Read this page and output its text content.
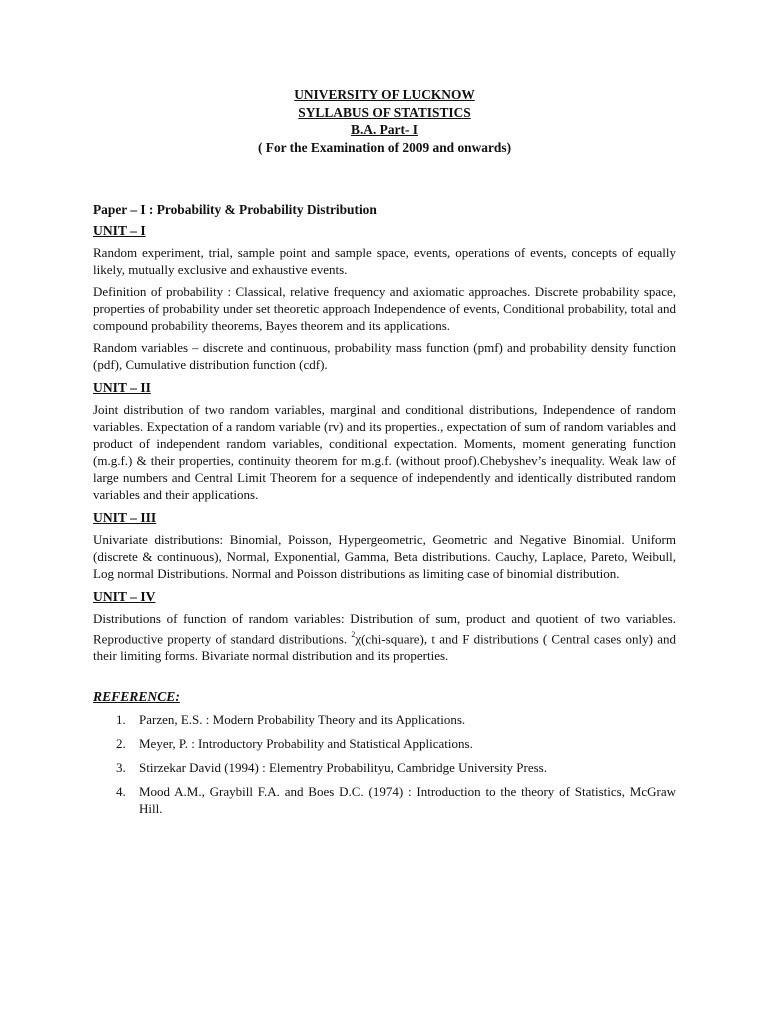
UNIVERSITY OF LUCKNOW
SYLLABUS OF STATISTICS
B.A. Part- I
( For the Examination of 2009 and onwards)
Paper – I : Probability & Probability Distribution
UNIT – I

Random experiment, trial, sample point and sample space, events, operations of events, concepts of equally likely, mutually exclusive and exhaustive events.

Definition of probability : Classical, relative frequency and axiomatic approaches. Discrete probability space, properties of probability under set theoretic approach Independence of events, Conditional probability, total and compound probability theorems, Bayes theorem and its applications.

Random variables – discrete and continuous, probability mass function (pmf) and probability density function (pdf), Cumulative distribution function (cdf).

UNIT – II

Joint distribution of two random variables, marginal and conditional distributions, Independence of random variables. Expectation of a random variable (rv) and its properties., expectation of sum of random variables and product of independent random variables, conditional expectation. Moments, moment generating function (m.g.f.) & their properties, continuity theorem for m.g.f. (without proof).Chebyshev’s inequality. Weak law of large numbers and Central Limit Theorem for a sequence of independently and identically distributed random variables and their applications.

UNIT – III

Univariate distributions: Binomial, Poisson, Hypergeometric, Geometric and Negative Binomial. Uniform (discrete & continuous), Normal, Exponential, Gamma, Beta distributions. Cauchy, Laplace, Pareto, Weibull, Log normal Distributions. Normal and Poisson distributions as limiting case of binomial distribution.

UNIT – IV

Distributions of function of random variables: Distribution of sum, product and quotient of two variables. Reproductive property of standard distributions. $^2$χ(chi-square), t and F distributions ( Central cases only) and their limiting forms. Bivariate normal distribution and its properties.

REFERENCE:
1. Parzen, E.S. : Modern Probability Theory and its Applications.
2. Meyer, P. : Introductory Probability and Statistical Applications.
3. Stirzekar David (1994) : Elementry Probabilityu, Cambridge University Press.
4. Mood A.M., Graybill F.A. and Boes D.C. (1974) : Introduction to the theory of Statistics, McGraw Hill.
